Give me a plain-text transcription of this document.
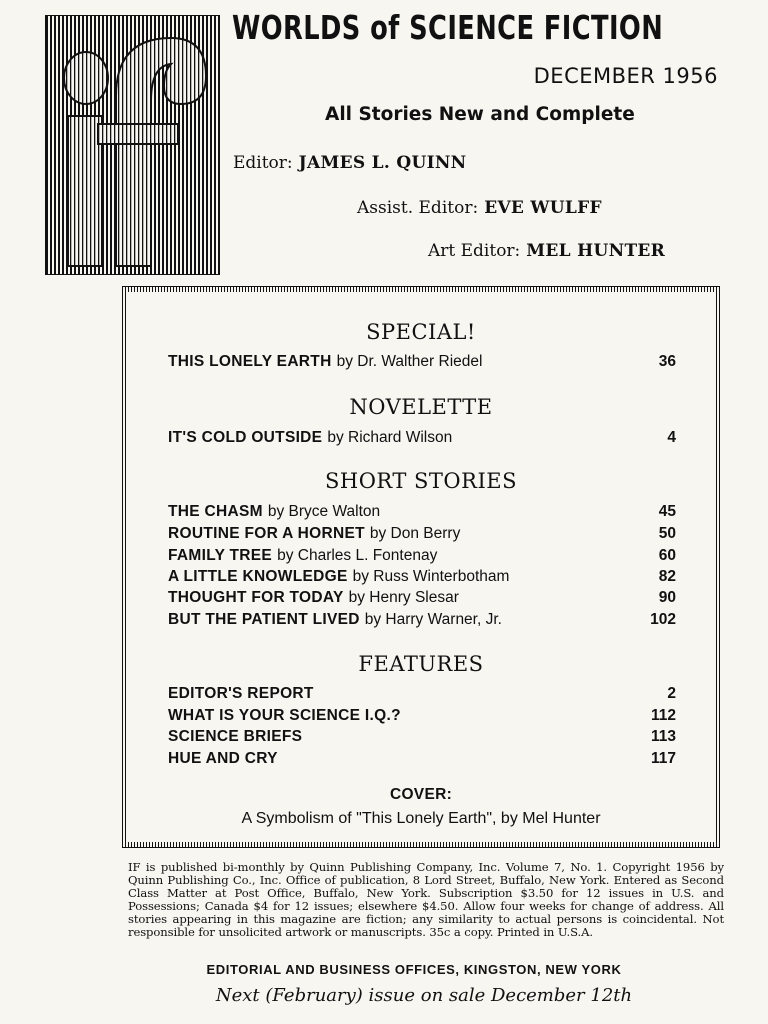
WORLDS of SCIENCE FICTION
DECEMBER 1956
All Stories New and Complete
Editor: JAMES L. QUINN
Assist. Editor: EVE WULFF
Art Editor: MEL HUNTER
SPECIAL!
THIS LONELY EARTH by Dr. Walther Riedel	36
NOVELETTE
IT'S COLD OUTSIDE by Richard Wilson	4
SHORT STORIES
THE CHASM by Bryce Walton	45
ROUTINE FOR A HORNET by Don Berry	50
FAMILY TREE by Charles L. Fontenay	60
A LITTLE KNOWLEDGE by Russ Winterbotham	82
THOUGHT FOR TODAY by Henry Slesar	90
BUT THE PATIENT LIVED by Harry Warner, Jr.	102
FEATURES
EDITOR'S REPORT	2
WHAT IS YOUR SCIENCE I.Q.?	112
SCIENCE BRIEFS	113
HUE AND CRY	117
COVER:
A Symbolism of "This Lonely Earth", by Mel Hunter
IF is published bi-monthly by Quinn Publishing Company, Inc. Volume 7, No. 1. Copyright 1956 by Quinn Publishing Co., Inc. Office of publication, 8 Lord Street, Buffalo, New York. Entered as Second Class Matter at Post Office, Buffalo, New York. Subscription $3.50 for 12 issues in U.S. and Possessions; Canada $4 for 12 issues; elsewhere $4.50. Allow four weeks for change of address. All stories appearing in this magazine are fiction; any similarity to actual persons is coincidental. Not responsible for unsolicited artwork or manuscripts. 35c a copy. Printed in U.S.A.
EDITORIAL AND BUSINESS OFFICES, KINGSTON, NEW YORK
Next (February) issue on sale December 12th
